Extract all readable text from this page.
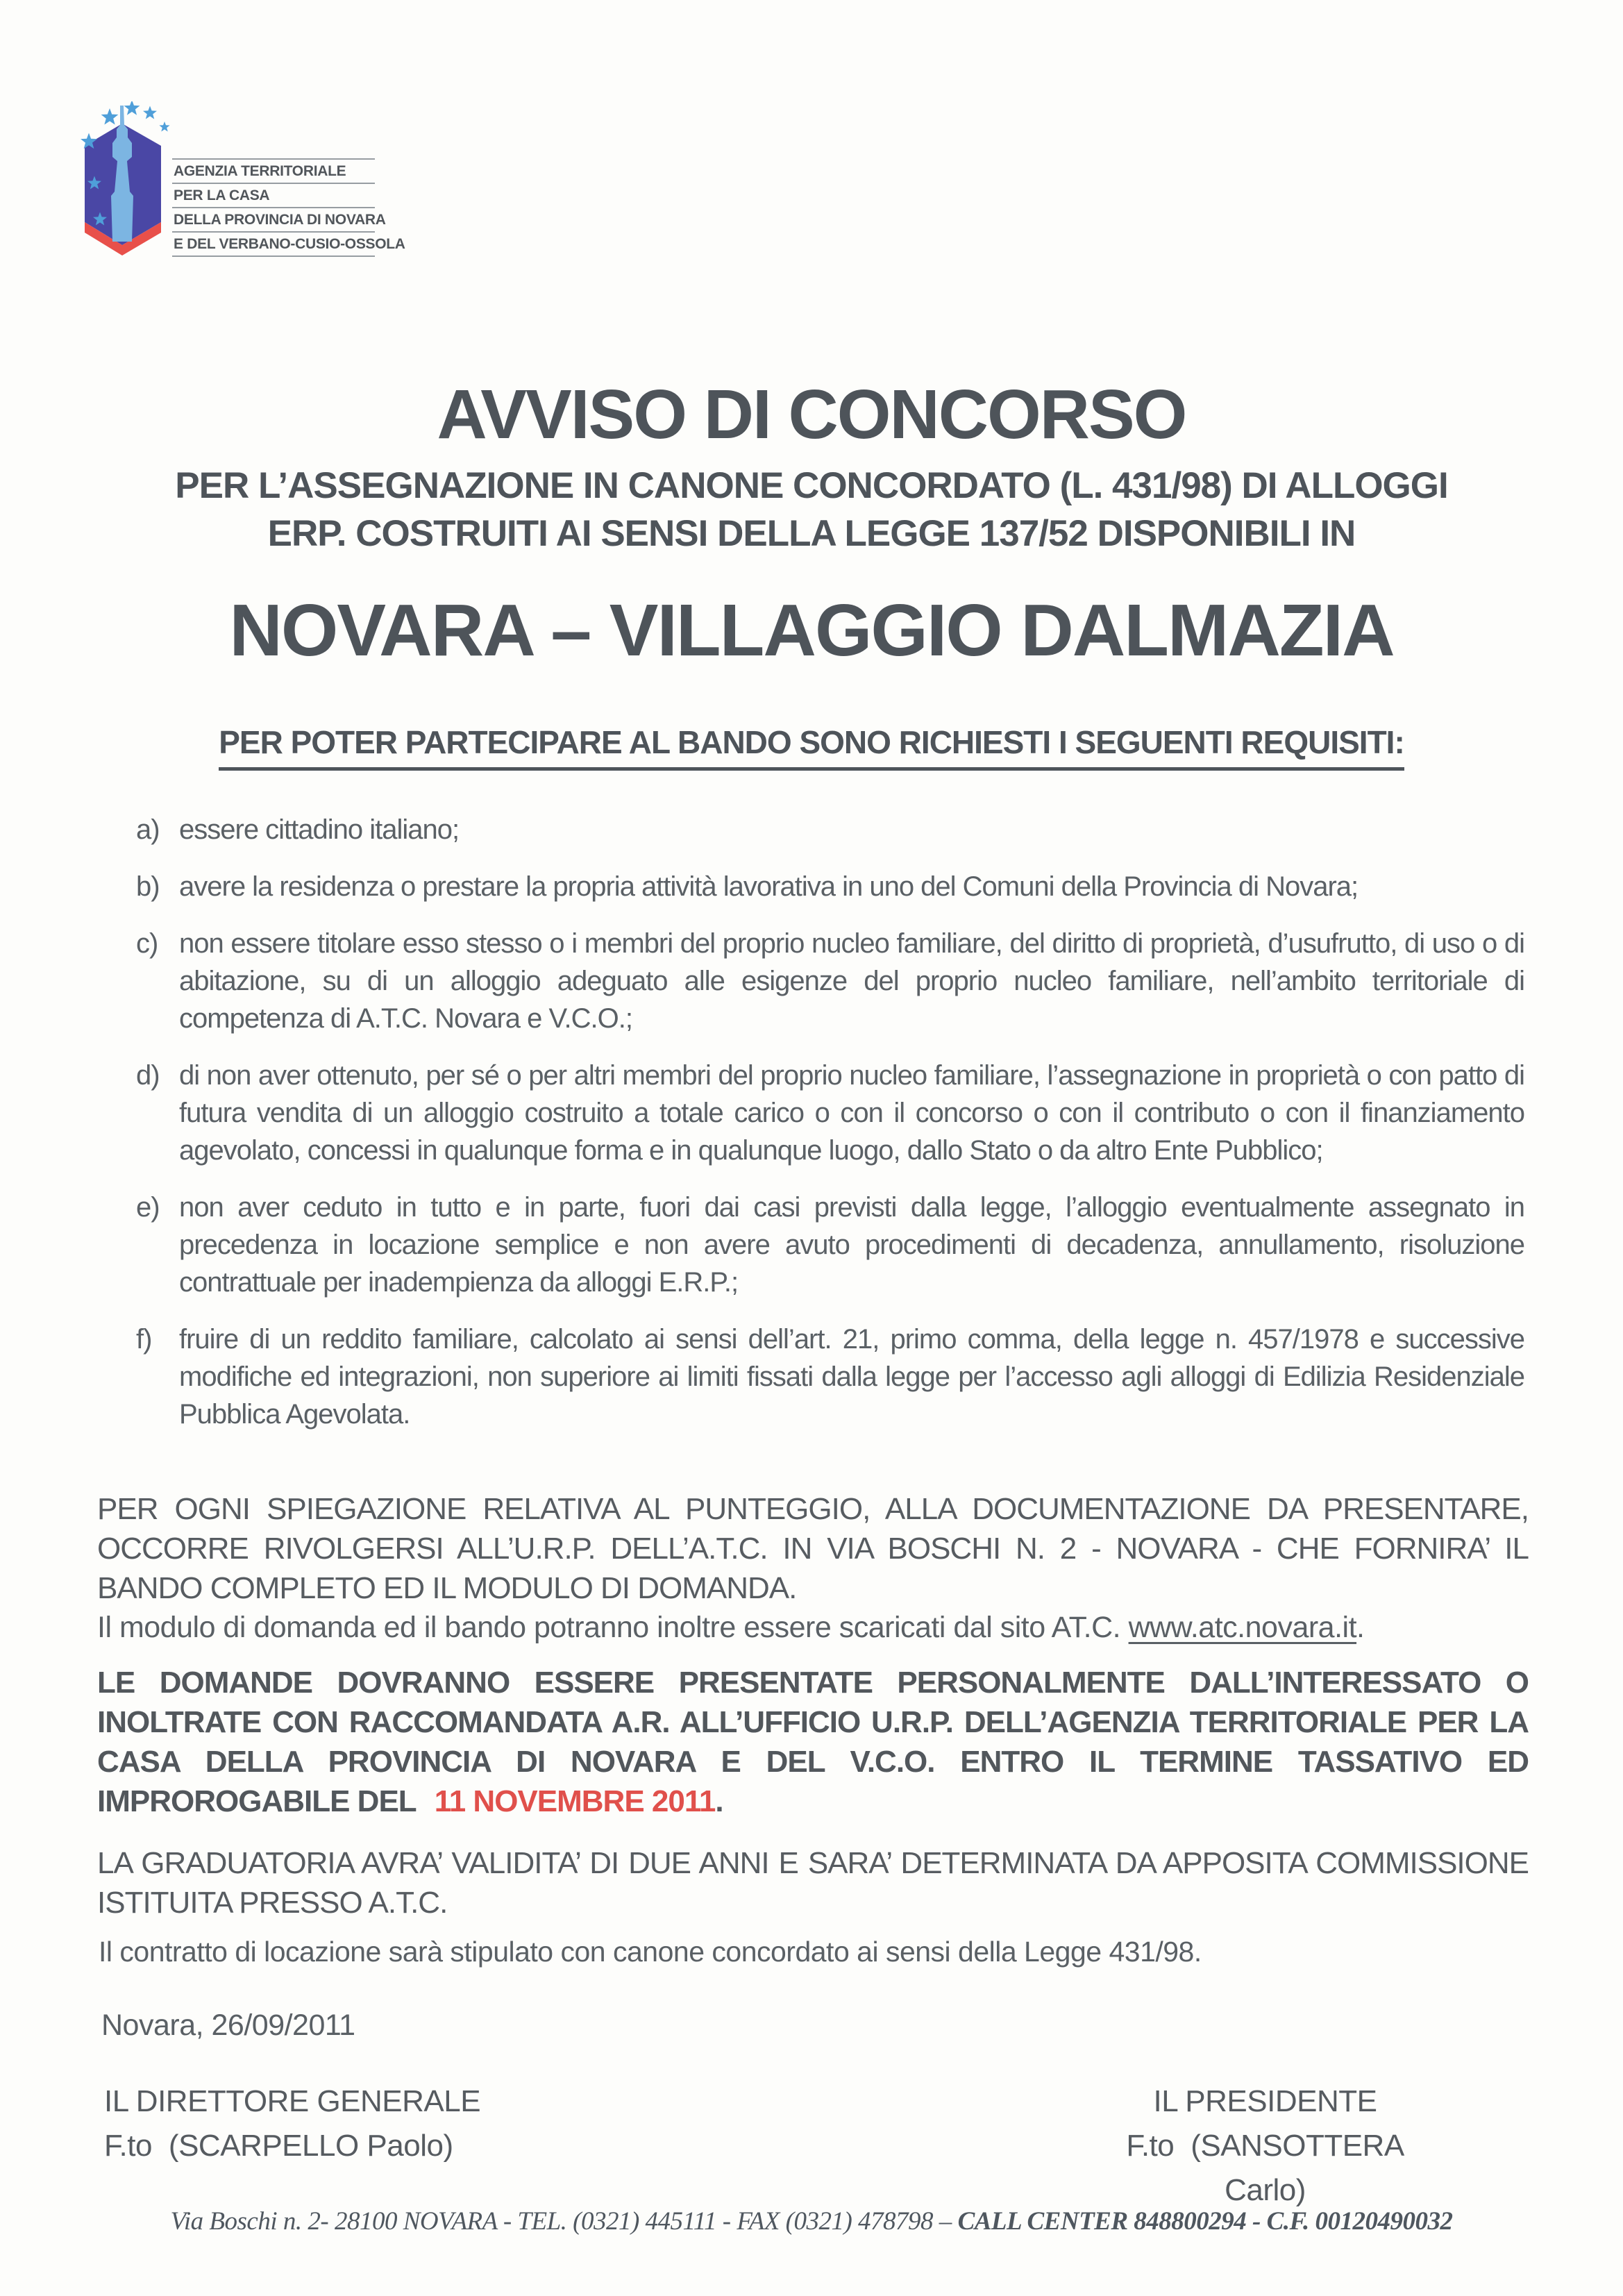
AGENZIA TERRITORIALE
PER LA CASA
DELLA PROVINCIA DI NOVARA
E DEL VERBANO-CUSIO-OSSOLA
AVVISO DI CONCORSO
PER L’ASSEGNAZIONE IN CANONE CONCORDATO (L. 431/98) DI ALLOGGI
ERP. COSTRUITI AI SENSI DELLA LEGGE 137/52 DISPONIBILI IN
NOVARA – VILLAGGIO DALMAZIA
PER POTER PARTECIPARE AL BANDO SONO RICHIESTI I SEGUENTI REQUISITI:
a) essere cittadino italiano;
b) avere la residenza o prestare la propria attività lavorativa in uno del Comuni della Provincia di Novara;
c) non essere titolare esso stesso o i membri del proprio nucleo familiare, del diritto di proprietà, d’usufrutto, di uso o di abitazione, su di un alloggio adeguato alle esigenze del proprio nucleo familiare, nell’ambito territoriale di competenza di A.T.C. Novara e V.C.O.;
d) di non aver ottenuto, per sé o per altri membri del proprio nucleo familiare, l’assegnazione in proprietà o con patto di futura vendita di un alloggio costruito a totale carico o con il concorso o con il contributo o con il finanziamento agevolato, concessi in qualunque forma e in qualunque luogo, dallo Stato o da altro Ente Pubblico;
e) non aver ceduto in tutto e in parte, fuori dai casi previsti dalla legge, l’alloggio eventualmente assegnato in precedenza in locazione semplice e non avere avuto procedimenti di decadenza, annullamento, risoluzione contrattuale per inadempienza da alloggi E.R.P.;
f) fruire di un reddito familiare, calcolato ai sensi dell’art. 21, primo comma, della legge n. 457/1978 e successive modifiche ed integrazioni, non superiore ai limiti fissati dalla legge per l’accesso agli alloggi di Edilizia Residenziale Pubblica Agevolata.
PER OGNI SPIEGAZIONE RELATIVA AL PUNTEGGIO, ALLA DOCUMENTAZIONE DA PRESENTARE, OCCORRE RIVOLGERSI ALL’U.R.P. DELL’A.T.C. IN VIA BOSCHI N. 2 - NOVARA - CHE FORNIRA’ IL BANDO COMPLETO ED IL MODULO DI DOMANDA.
Il modulo di domanda ed il bando potranno inoltre essere scaricati dal sito AT.C. www.atc.novara.it.
LE DOMANDE DOVRANNO ESSERE PRESENTATE PERSONALMENTE DALL’INTERESSATO O INOLTRATE CON RACCOMANDATA A.R. ALL’UFFICIO U.R.P. DELL’AGENZIA TERRITORIALE PER LA CASA DELLA PROVINCIA DI NOVARA E DEL V.C.O. ENTRO IL TERMINE TASSATIVO ED IMPROROGABILE DEL 11 NOVEMBRE 2011.
LA GRADUATORIA AVRA’ VALIDITA’ DI DUE ANNI E SARA’ DETERMINATA DA APPOSITA COMMISSIONE ISTITUITA PRESSO A.T.C.
Il contratto di locazione sarà stipulato con canone concordato ai sensi della Legge 431/98.
Novara, 26/09/2011
IL DIRETTORE GENERALE
F.to (SCARPELLO Paolo)
IL PRESIDENTE
F.to (SANSOTTERA Carlo)
Via Boschi n. 2- 28100 NOVARA - TEL. (0321) 445111 - FAX (0321) 478798 – CALL CENTER 848800294 - C.F. 00120490032
